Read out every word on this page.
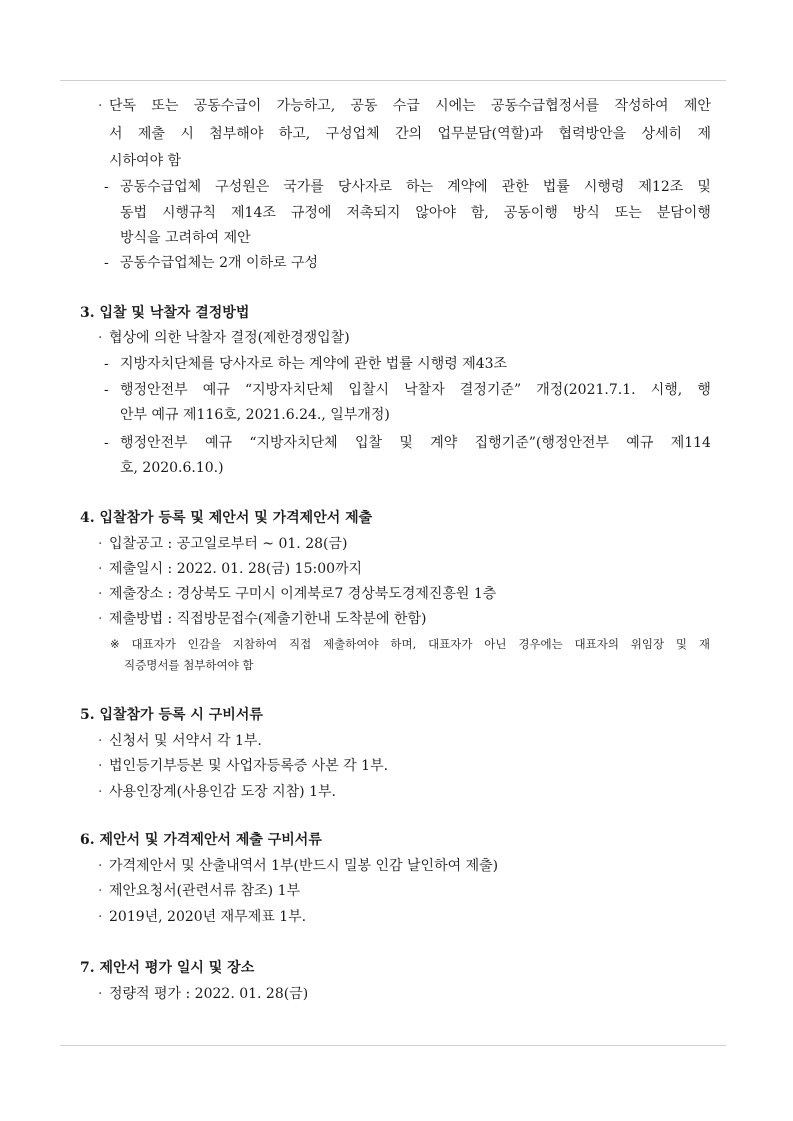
· 단독 또는 공동수급이 가능하고, 공동 수급 시에는 공동수급협정서를 작성하여 제안
서 제출 시 첨부해야 하고, 구성업체 간의 업무분담(역할)과 협력방안을 상세히 제
시하여야 함
- 공동수급업체 구성원은 국가를 당사자로 하는 계약에 관한 법률 시행령 제12조 및
동법 시행규칙 제14조 규정에 저촉되지 않아야 함, 공동이행 방식 또는 분담이행
방식을 고려하여 제안
- 공동수급업체는 2개 이하로 구성
3. 입찰 및 낙찰자 결정방법
· 협상에 의한 낙찰자 결정(제한경쟁입찰)
- 지방자치단체를 당사자로 하는 계약에 관한 법률 시행령 제43조
- 행정안전부 예규 “지방자치단체 입찰시 낙찰자 결정기준” 개정(2021.7.1. 시행, 행
안부 예규 제116호, 2021.6.24., 일부개정)
- 행정안전부 예규 “지방자치단체 입찰 및 계약 집행기준”(행정안전부 예규 제114
호, 2020.6.10.)
4. 입찰참가 등록 및 제안서 및 가격제안서 제출
· 입찰공고 : 공고일로부터 ~ 01. 28(금)
· 제출일시 : 2022. 01. 28(금) 15:00까지
· 제출장소 : 경상북도 구미시 이계북로7 경상북도경제진흥원 1층
· 제출방법 : 직접방문접수(제출기한내 도착분에 한함)
※ 대표자가 인감을 지참하여 직접 제출하여야 하며, 대표자가 아닌 경우에는 대표자의 위임장 및 재
직증명서를 첨부하여야 함
5. 입찰참가 등록 시 구비서류
· 신청서 및 서약서 각 1부.
· 법인등기부등본 및 사업자등록증 사본 각 1부.
· 사용인장계(사용인감 도장 지참) 1부.
6. 제안서 및 가격제안서 제출 구비서류
· 가격제안서 및 산출내역서 1부(반드시 밀봉 인감 날인하여 제출)
· 제안요청서(관련서류 참조) 1부
· 2019년, 2020년 재무제표 1부.
7. 제안서 평가 일시 및 장소
· 정량적 평가 : 2022. 01. 28(금)
